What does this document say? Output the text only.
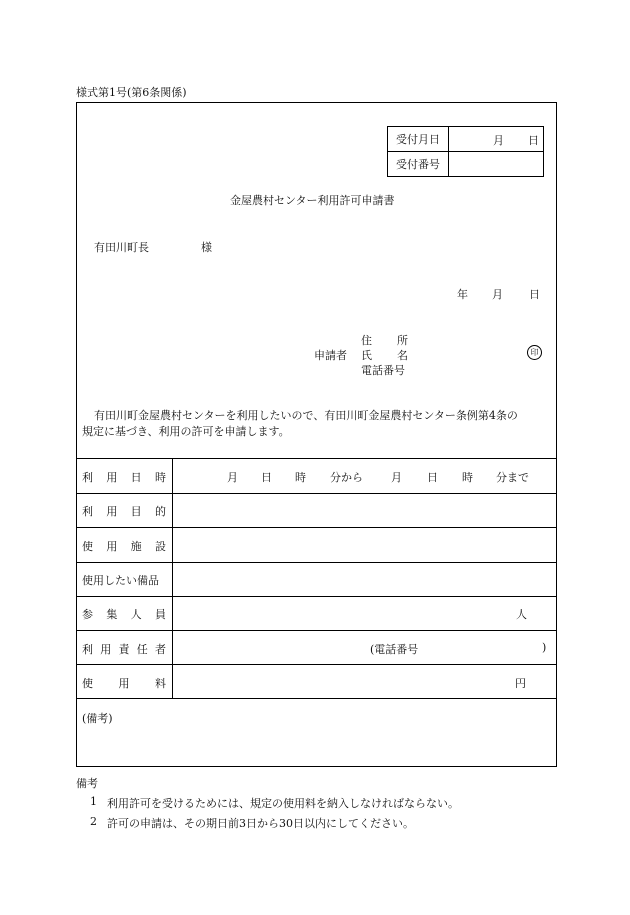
様式第1号(第6条関係)
受付月日	月 日

受付番号	
金屋農村センター利用許可申請書
有田川町長	様
年 月 日
住 所
申請者 氏 名
電話番号
印
有田川町金屋農村センターを利用したいので、有田川町金屋農村センター条例第4条の
規定に基づき、利用の許可を申請します。
利 用 日 時	月 日 時 分から	月 日 時 分まで
利 用 目 的
使 用 施 設
使用したい備品
参 集 人 員	人
利 用 責 任 者	(電話番号	)
使 用 料	円
(備考)
備考
1 利用許可を受けるためには、規定の使用料を納入しなければならない。
2 許可の申請は、その期日前3日から30日以内にしてください。
